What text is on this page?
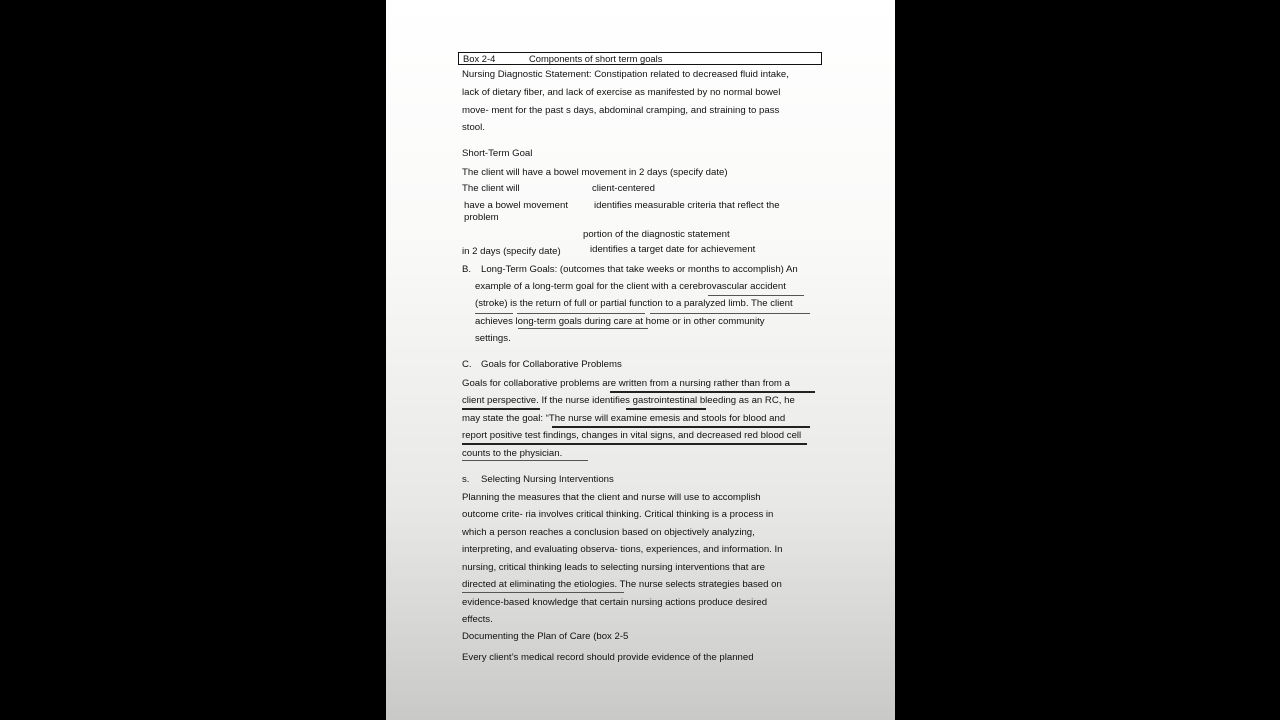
Box 2-4	Components of short term goals
Nursing Diagnostic Statement: Constipation related to decreased fluid intake,
lack of dietary fiber, and lack of exercise as manifested by no normal bowel
move- ment for the past s days, abdominal cramping, and straining to pass
stool.
Short-Term Goal
The client will have a bowel movement in 2 days (specify date)
The client will	client-centered
have a bowel movement	identifies measurable criteria that reflect the
problem
portion of the diagnostic statement
in 2 days (specify date)	identifies a target date for achievement
B. Long-Term Goals: (outcomes that take weeks or months to accomplish) An
example of a long-term goal for the client with a cerebrovascular accident
(stroke) is the return of full or partial function to a paralyzed limb. The client
achieves long-term goals during care at home or in other community
settings.
C. Goals for Collaborative Problems
Goals for collaborative problems are written from a nursing rather than from a
client perspective. If the nurse identifies gastrointestinal bleeding as an RC, he
may state the goal: “The nurse will examine emesis and stools for blood and
report positive test findings, changes in vital signs, and decreased red blood cell
counts to the physician.
s. Selecting Nursing Interventions
Planning the measures that the client and nurse will use to accomplish
outcome crite- ria involves critical thinking. Critical thinking is a process in
which a person reaches a conclusion based on objectively analyzing,
interpreting, and evaluating observa- tions, experiences, and information. In
nursing, critical thinking leads to selecting nursing interventions that are
directed at eliminating the etiologies. The nurse selects strategies based on
evidence-based knowledge that certain nursing actions produce desired
effects.
Documenting the Plan of Care (box 2-5
Every client’s medical record should provide evidence of the planned
